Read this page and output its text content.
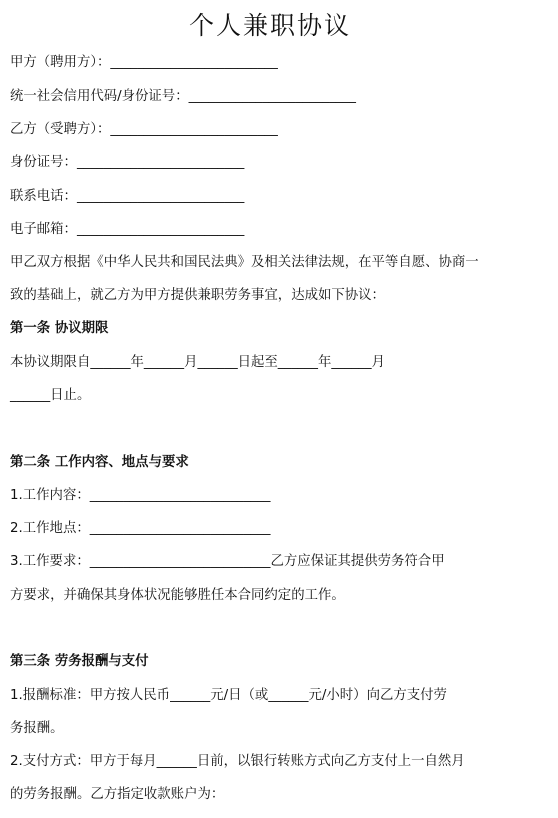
个人兼职协议
甲方（聘用方）：_________________________
统一社会信用代码/身份证号：_________________________
乙方（受聘方）：_________________________
身份证号：_________________________
联系电话：_________________________
电子邮箱：_________________________
甲乙双方根据《中华人民共和国民法典》及相关法律法规，在平等自愿、协商一
致的基础上，就乙方为甲方提供兼职劳务事宜，达成如下协议：
第一条 协议期限
本协议期限自______年______月______日起至______年______月
______日止。
第二条 工作内容、地点与要求
1.工作内容：___________________________
2.工作地点：___________________________
3.工作要求：___________________________乙方应保证其提供劳务符合甲
方要求，并确保其身体状况能够胜任本合同约定的工作。
第三条 劳务报酬与支付
1.报酬标准：甲方按人民币______元/日（或______元/小时）向乙方支付劳
务报酬。
2.支付方式：甲方于每月______日前，以银行转账方式向乙方支付上一自然月
的劳务报酬。乙方指定收款账户为：
